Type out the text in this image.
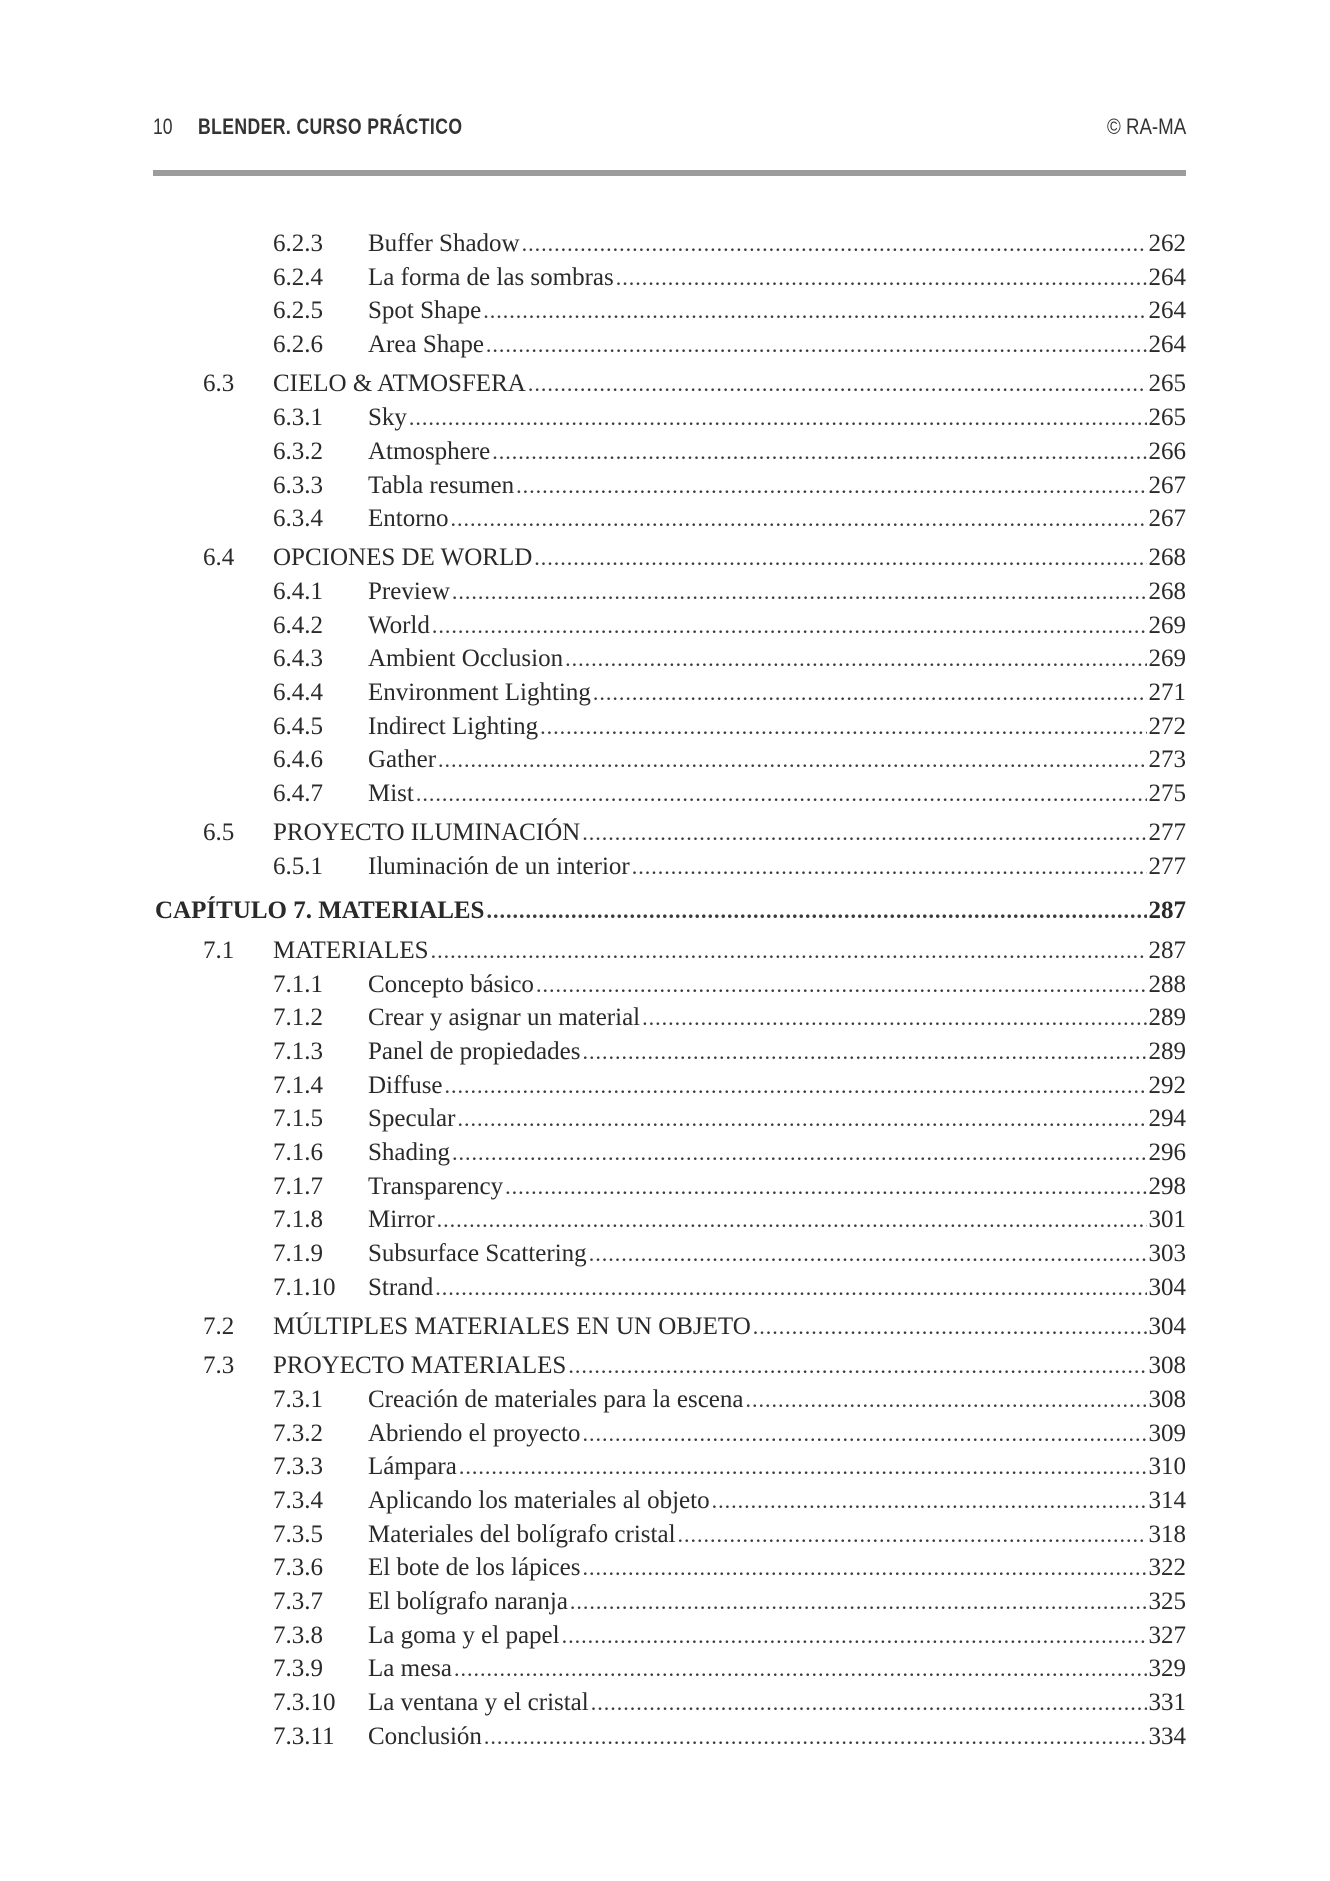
10 BLENDER. CURSO PRÁCTICO	© RA-MA
6.2.3 Buffer Shadow .....	262
6.2.4 La forma de las sombras .....	264
6.2.5 Spot Shape .....	264
6.2.6 Area Shape .....	264
6.3 CIELO & ATMOSFERA .....	265
6.3.1 Sky .....	265
6.3.2 Atmosphere .....	266
6.3.3 Tabla resumen .....	267
6.3.4 Entorno .....	267
6.4 OPCIONES DE WORLD .....	268
6.4.1 Preview .....	268
6.4.2 World .....	269
6.4.3 Ambient Occlusion .....	269
6.4.4 Environment Lighting .....	271
6.4.5 Indirect Lighting .....	272
6.4.6 Gather .....	273
6.4.7 Mist .....	275
6.5 PROYECTO ILUMINACIÓN .....	277
6.5.1 Iluminación de un interior .....	277
CAPÍTULO 7. MATERIALES .....	287
7.1 MATERIALES .....	287
7.1.1 Concepto básico .....	288
7.1.2 Crear y asignar un material .....	289
7.1.3 Panel de propiedades .....	289
7.1.4 Diffuse .....	292
7.1.5 Specular .....	294
7.1.6 Shading .....	296
7.1.7 Transparency .....	298
7.1.8 Mirror .....	301
7.1.9 Subsurface Scattering .....	303
7.1.10 Strand .....	304
7.2 MÚLTIPLES MATERIALES EN UN OBJETO .....	304
7.3 PROYECTO MATERIALES .....	308
7.3.1 Creación de materiales para la escena .....	308
7.3.2 Abriendo el proyecto .....	309
7.3.3 Lámpara .....	310
7.3.4 Aplicando los materiales al objeto .....	314
7.3.5 Materiales del bolígrafo cristal .....	318
7.3.6 El bote de los lápices .....	322
7.3.7 El bolígrafo naranja .....	325
7.3.8 La goma y el papel .....	327
7.3.9 La mesa .....	329
7.3.10 La ventana y el cristal .....	331
7.3.11 Conclusión .....	334
